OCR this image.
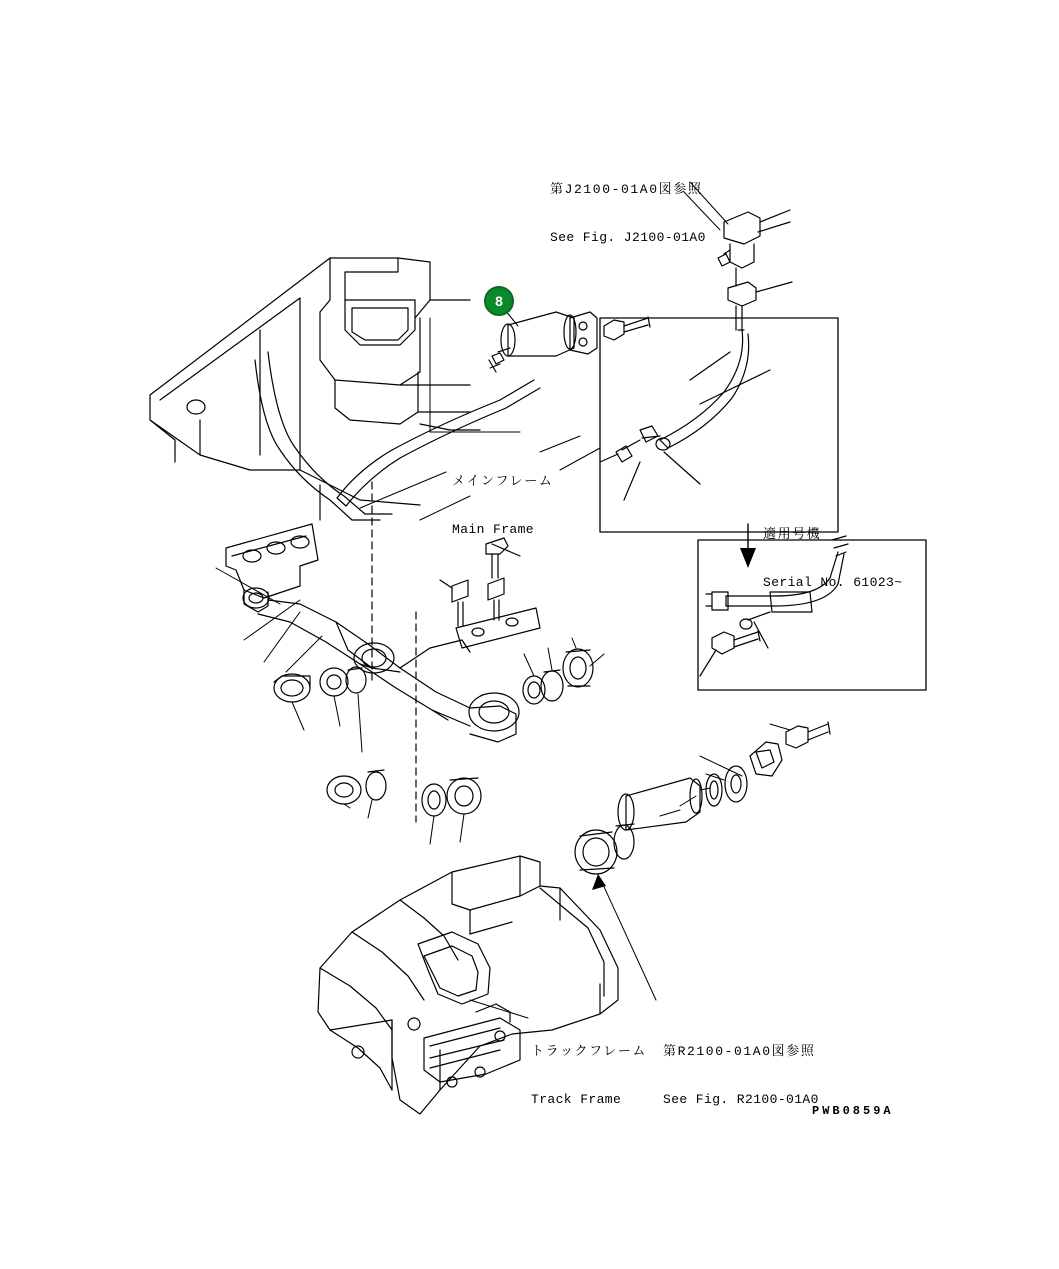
第J2100-01A0図参照

See Fig. J2100-01A0

メインフレーム

Main Frame

	適用号機

Serial No. 61023~

トラックフレーム

Track Frame

第R2100-01A0図参照

See Fig. R2100-01A0

8
PWB0859A
